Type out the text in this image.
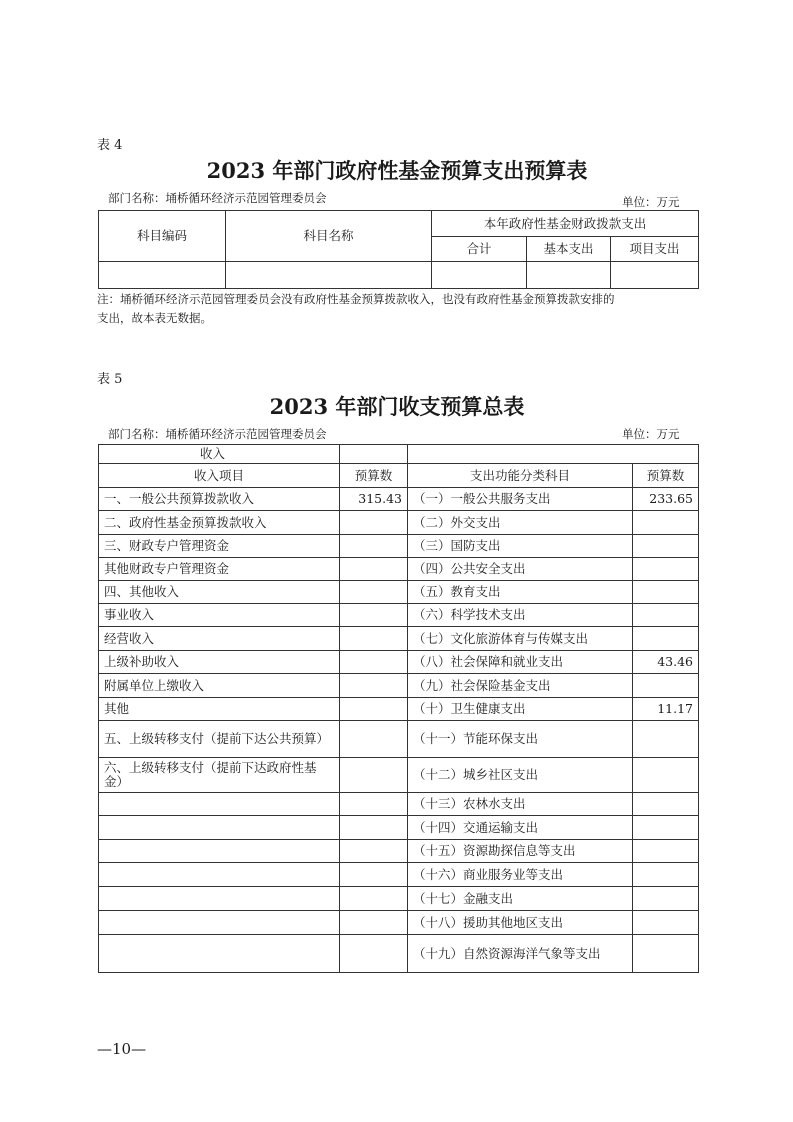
表 4
2023 年部门政府性基金预算支出预算表
部门名称：埇桥循环经济示范园管理委员会	单位：万元
科目编码	科目名称	本年政府性基金财政拨款支出		
		合计	基本支出	项目支出

注：埇桥循环经济示范园管理委员会没有政府性基金预算拨款收入，也没有政府性基金预算拨款安排的
支出，故本表无数据。
表 5
2023 年部门收支预算总表
部门名称：埇桥循环经济示范园管理委员会	单位：万元
收入			
收入项目	预算数	支出功能分类科目	预算数
一、一般公共预算拨款收入	315.43	（一）一般公共服务支出	233.65
二、政府性基金预算拨款收入		（二）外交支出	
三、财政专户管理资金		（三）国防支出	
其他财政专户管理资金		（四）公共安全支出	
四、其他收入		（五）教育支出	
事业收入		（六）科学技术支出	
经营收入		（七）文化旅游体育与传媒支出	
上级补助收入		（八）社会保障和就业支出	43.46
附属单位上缴收入		（九）社会保险基金支出	
其他		（十）卫生健康支出	11.17
五、上级转移支付（提前下达公共预算）		（十一）节能环保支出	
六、上级转移支付（提前下达政府性基金）		（十二）城乡社区支出	
		（十三）农林水支出	
		（十四）交通运输支出	
		（十五）资源勘探信息等支出	
		（十六）商业服务业等支出	
		（十七）金融支出	
		（十八）援助其他地区支出	
		（十九）自然资源海洋气象等支出	
—10—
